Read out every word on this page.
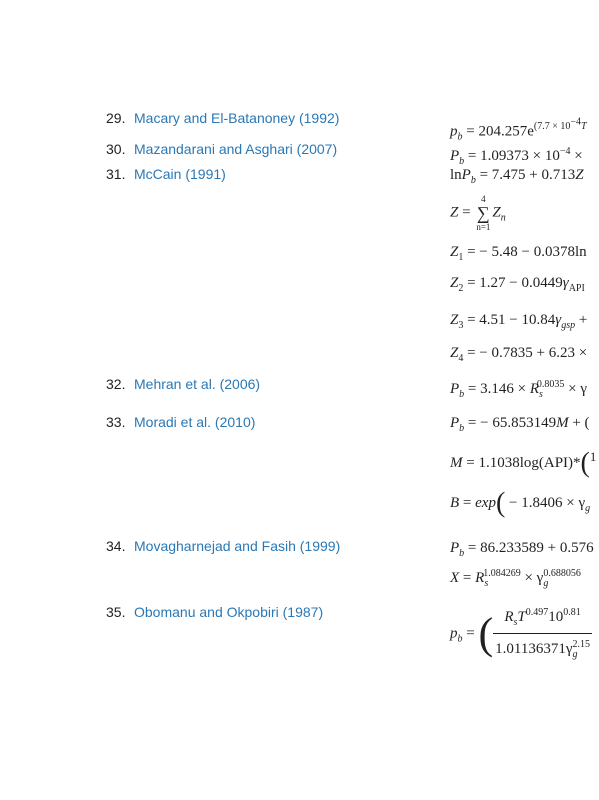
29. Macary and El-Batanoney (1992)
30. Mazandarani and Asghari (2007)
31. McCain (1991)
32. Mehran et al. (2006)
33. Moradi et al. (2010)
34. Movagharnejad and Fasih (1999)
35. Obomanu and Okpobiri (1987)
$p_b = 204.257e^{(7.7 \times 10^{-4}T}$
$P_b = 1.09373 \times 10^{-4}$ ×
lnP$_b$ = 7.475 + 0.713Z
Z =
4
∑
n=1
$Z_n$
$Z_1$ = − 5.48 − 0.0378ln
$Z_2 = 1.27 - 0.0449\gamma_{API}$
$Z_3 = 4.51 - 10.84\gamma_{gsp}$ +
$Z_4$ = − 0.7835 + 6.23 ×
$P_b = 3.146 \times R_s^{0.8035} \times \gamma$
$P_b$ = − 65.853149M + (
M = 1.1038log(API)*($^1$
$B = \exp( - 1.8406 \times \gamma_g$
$P_b = 86.233589 + 0.576$
$X = R_s^{1.084269} \times \gamma_g^{0.688056}$
$p_b$ = ( $\frac{R_sT^{0.497}10^{0.81}}{1.01136371\gamma_g^{2.15}}$
